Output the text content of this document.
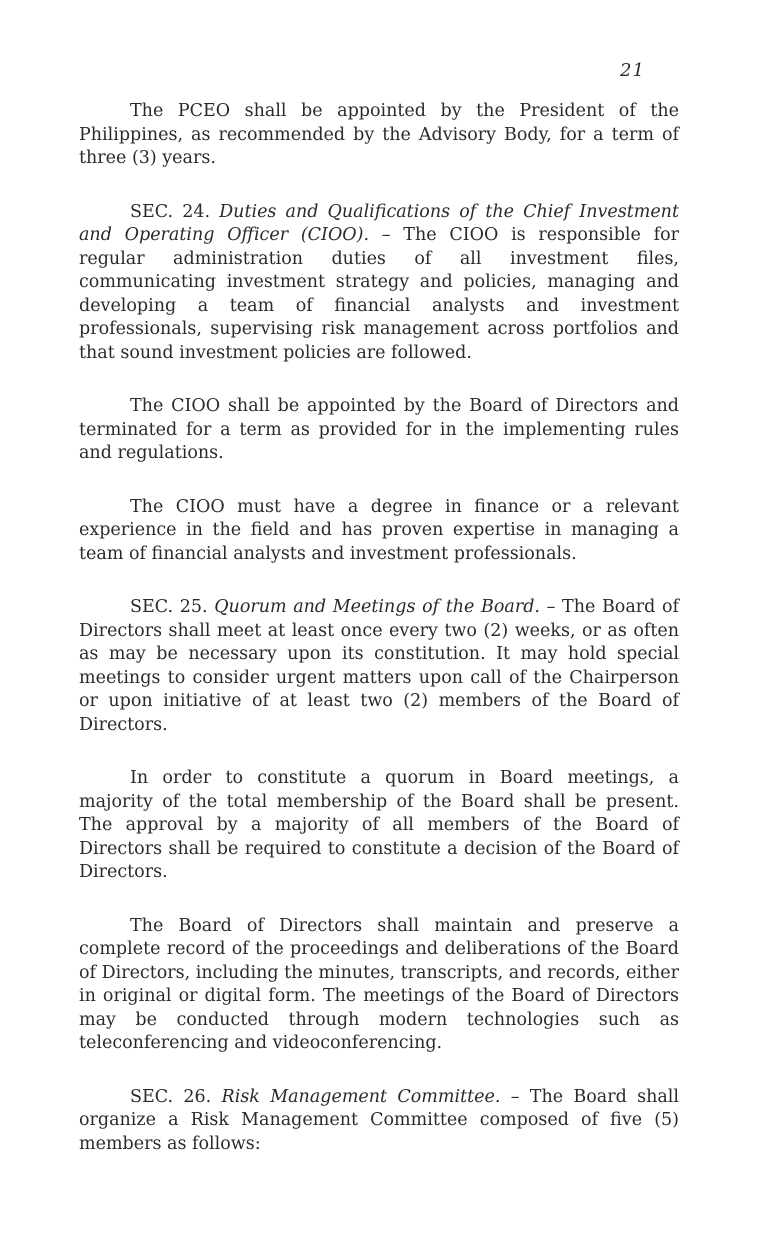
21

The PCEO shall be appointed by the President of the Philippines, as recommended by the Advisory Body, for a term of three (3) years.

SEC. 24. Duties and Qualifications of the Chief Investment and Operating Officer (CIOO). – The CIOO is responsible for regular administration duties of all investment files, communicating investment strategy and policies, managing and developing a team of financial analysts and investment professionals, supervising risk management across portfolios and that sound investment policies are followed.

The CIOO shall be appointed by the Board of Directors and terminated for a term as provided for in the implementing rules and regulations.

The CIOO must have a degree in finance or a relevant experience in the field and has proven expertise in managing a team of financial analysts and investment professionals.

SEC. 25. Quorum and Meetings of the Board. – The Board of Directors shall meet at least once every two (2) weeks, or as often as may be necessary upon its constitution. It may hold special meetings to consider urgent matters upon call of the Chairperson or upon initiative of at least two (2) members of the Board of Directors.

In order to constitute a quorum in Board meetings, a majority of the total membership of the Board shall be present. The approval by a majority of all members of the Board of Directors shall be required to constitute a decision of the Board of Directors.

The Board of Directors shall maintain and preserve a complete record of the proceedings and deliberations of the Board of Directors, including the minutes, transcripts, and records, either in original or digital form. The meetings of the Board of Directors may be conducted through modern technologies such as teleconferencing and videoconferencing.

SEC. 26. Risk Management Committee. – The Board shall organize a Risk Management Committee composed of five (5) members as follows:
